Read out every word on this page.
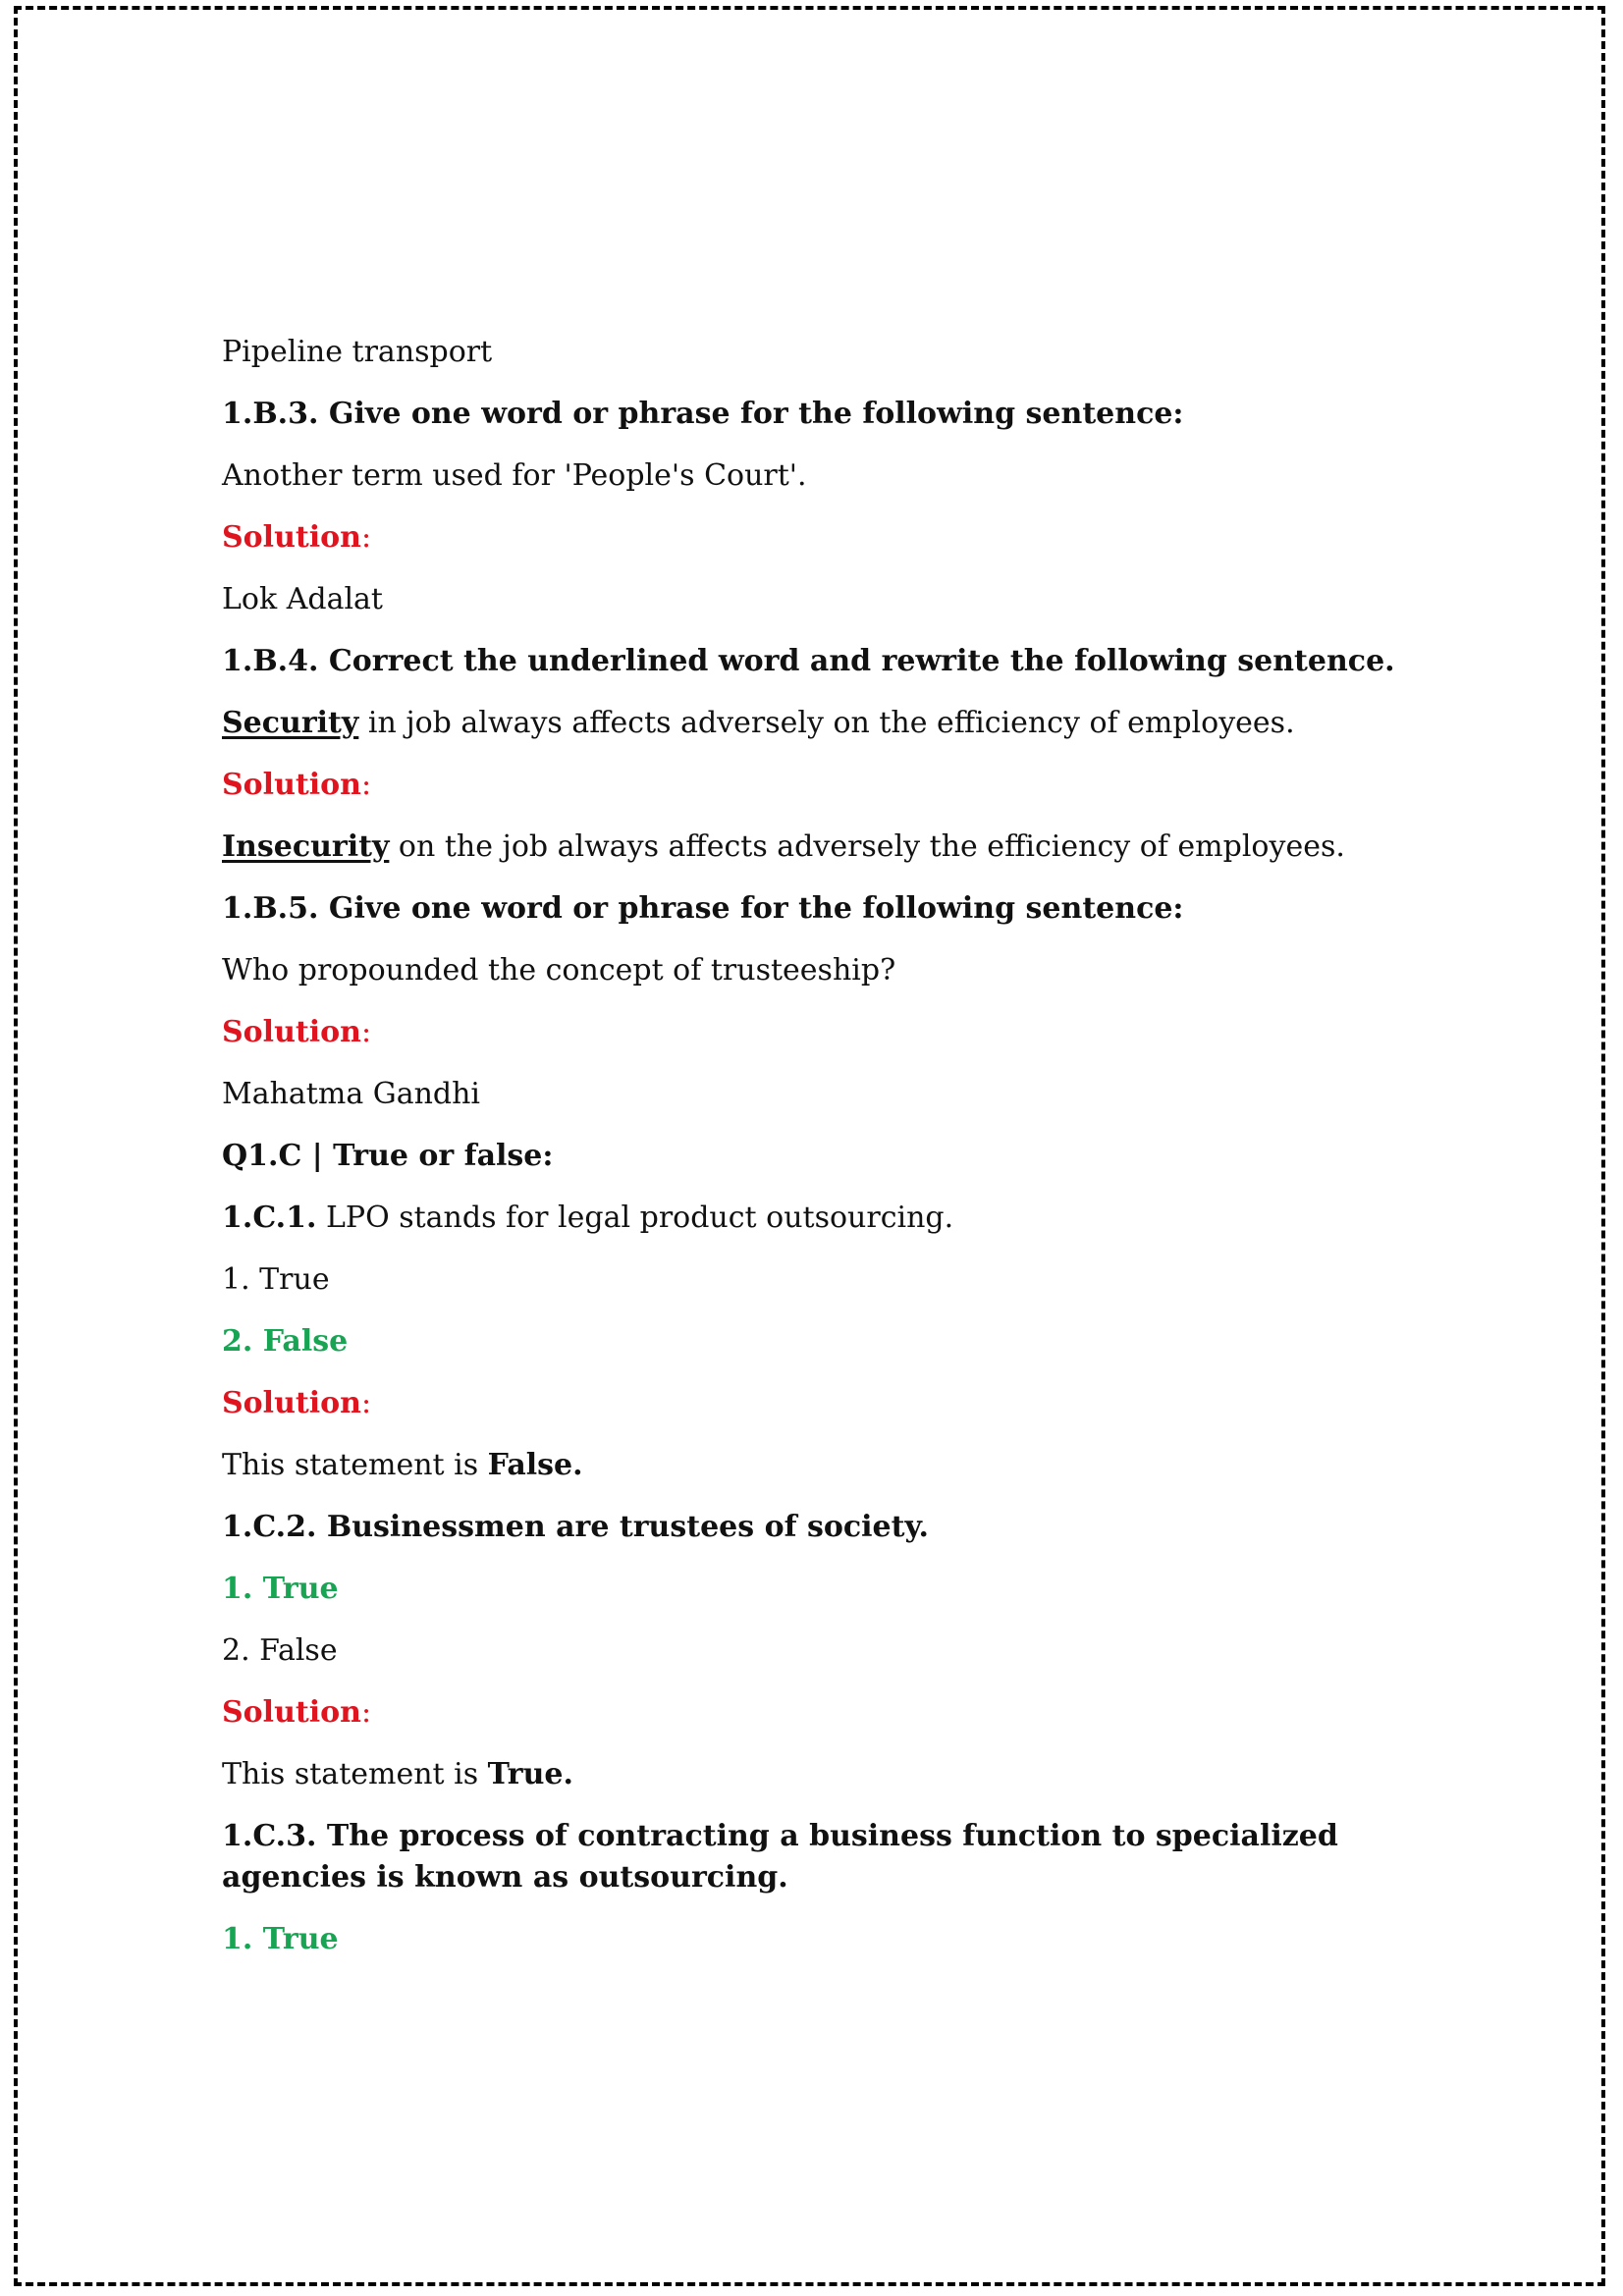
Pipeline transport
1.B.3. Give one word or phrase for the following sentence:
Another term used for 'People's Court'.
Solution:
Lok Adalat
1.B.4. Correct the underlined word and rewrite the following sentence.
Security in job always affects adversely on the efficiency of employees.
Solution:
Insecurity on the job always affects adversely the efficiency of employees.
1.B.5. Give one word or phrase for the following sentence:
Who propounded the concept of trusteeship?
Solution:
Mahatma Gandhi
Q1.C | True or false:
1.C.1. LPO stands for legal product outsourcing.
1. True
2. False
Solution:
This statement is False.
1.C.2. Businessmen are trustees of society.
1. True
2. False
Solution:
This statement is True.
1.C.3. The process of contracting a business function to specialized agencies is known as outsourcing.
1. True
